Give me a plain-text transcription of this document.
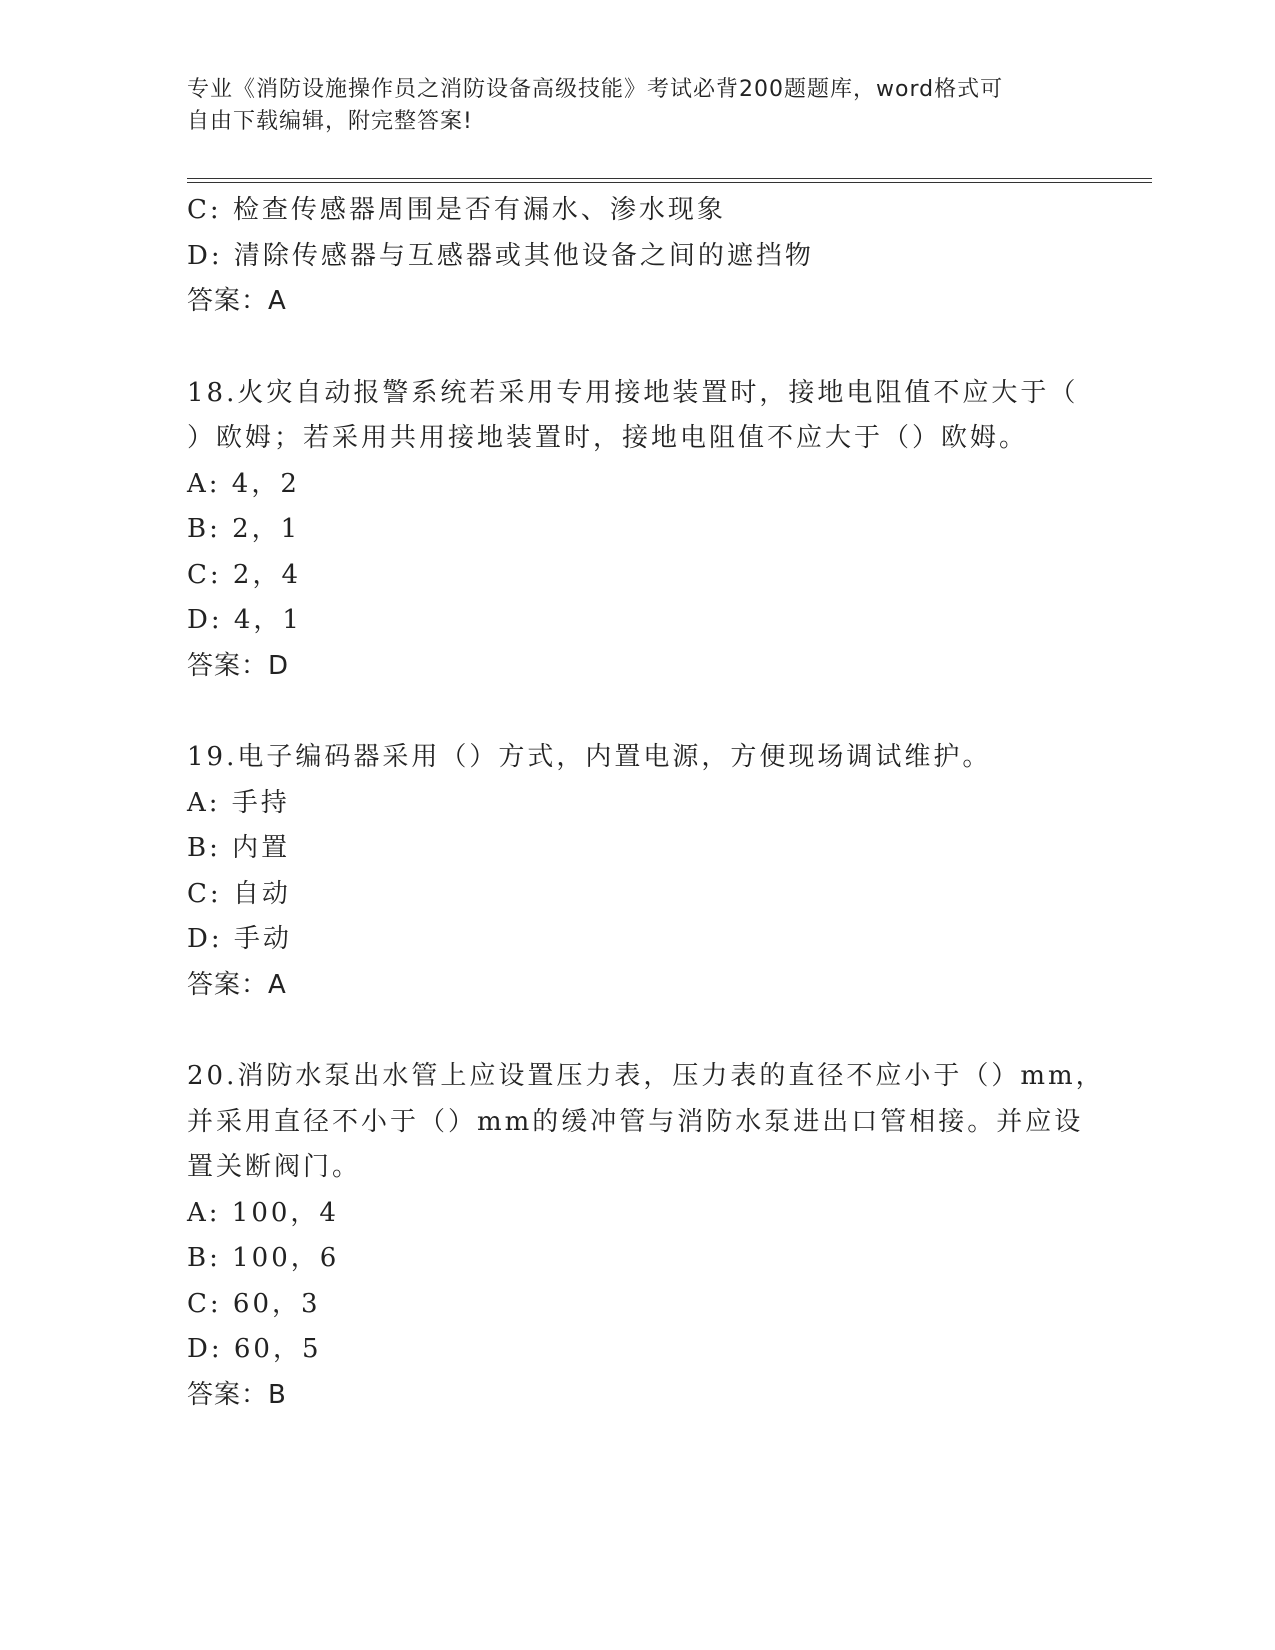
专业《消防设施操作员之消防设备高级技能》考试必背200题题库，word格式可
自由下载编辑，附完整答案!
C: 检查传感器周围是否有漏水、渗水现象
D: 清除传感器与互感器或其他设备之间的遮挡物
答案：A
18.火灾自动报警系统若采用专用接地装置时，接地电阻值不应大于（
）欧姆；若采用共用接地装置时，接地电阻值不应大于（）欧姆。
A: 4，2
B: 2，1
C: 2，4
D: 4，1
答案：D
19.电子编码器采用（）方式，内置电源，方便现场调试维护。
A: 手持
B: 内置
C: 自动
D: 手动
答案：A
20.消防水泵出水管上应设置压力表，压力表的直径不应小于（）mm，
并采用直径不小于（）mm的缓冲管与消防水泵进出口管相接。并应设
置关断阀门。
A: 100，4
B: 100，6
C: 60，3
D: 60，5
答案：B
